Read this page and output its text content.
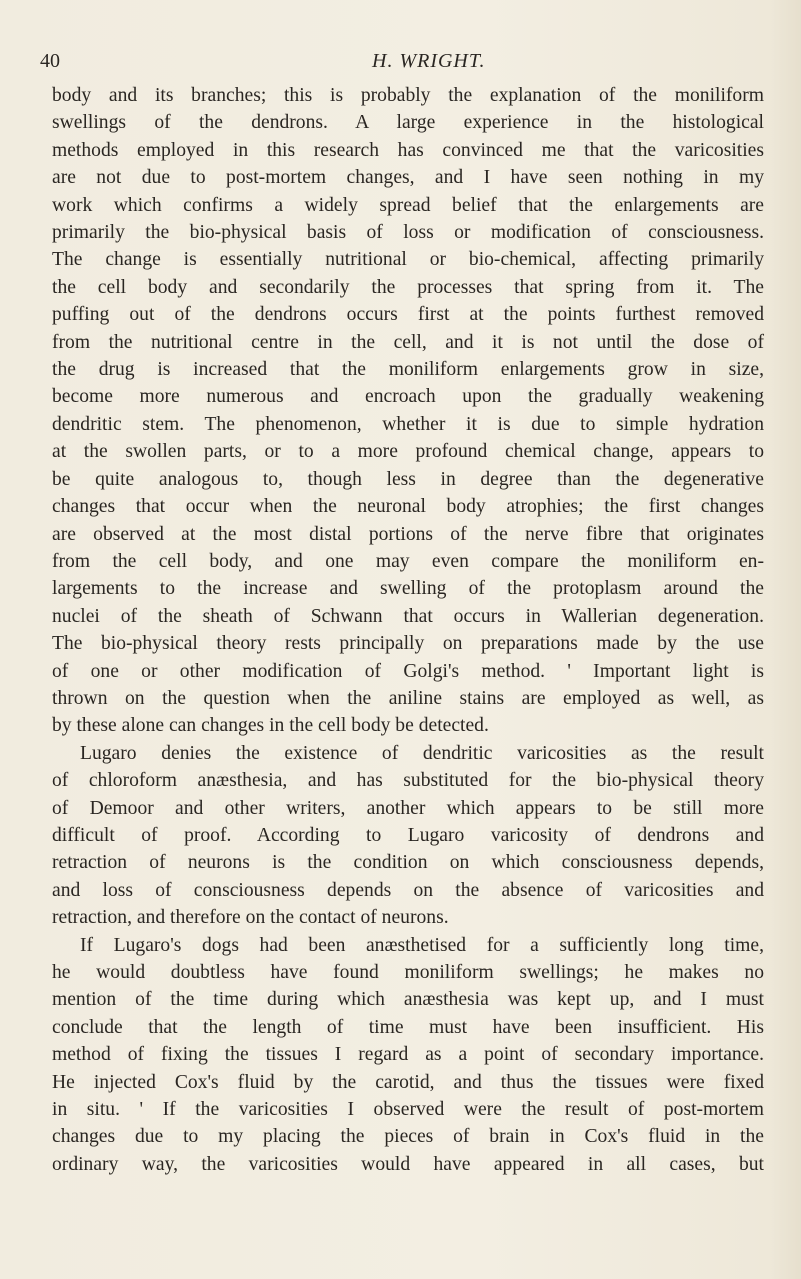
40	H. WRIGHT.
body and its branches; this is probably the explanation of the moniliform
swellings of the dendrons. A large experience in the histological
methods employed in this research has convinced me that the varicosities
are not due to post-mortem changes, and I have seen nothing in my
work which confirms a widely spread belief that the enlargements are
primarily the bio-physical basis of loss or modification of consciousness.
The change is essentially nutritional or bio-chemical, affecting primarily
the cell body and secondarily the processes that spring from it. The
puffing out of the dendrons occurs first at the points furthest removed
from the nutritional centre in the cell, and it is not until the dose of
the drug is increased that the moniliform enlargements grow in size,
become more numerous and encroach upon the gradually weakening
dendritic stem. The phenomenon, whether it is due to simple hydration
at the swollen parts, or to a more profound chemical change, appears to
be quite analogous to, though less in degree than the degenerative
changes that occur when the neuronal body atrophies; the first changes
are observed at the most distal portions of the nerve fibre that originates
from the cell body, and one may even compare the moniliform en-
largements to the increase and swelling of the protoplasm around the
nuclei of the sheath of Schwann that occurs in Wallerian degeneration.
The bio-physical theory rests principally on preparations made by the use
of one or other modification of Golgi's method. ' Important light is
thrown on the question when the aniline stains are employed as well, as
by these alone can changes in the cell body be detected.
Lugaro denies the existence of dendritic varicosities as the result
of chloroform anæsthesia, and has substituted for the bio-physical theory
of Demoor and other writers, another which appears to be still more
difficult of proof. According to Lugaro varicosity of dendrons and
retraction of neurons is the condition on which consciousness depends,
and loss of consciousness depends on the absence of varicosities and
retraction, and therefore on the contact of neurons.
If Lugaro's dogs had been anæsthetised for a sufficiently long time,
he would doubtless have found moniliform swellings; he makes no
mention of the time during which anæsthesia was kept up, and I must
conclude that the length of time must have been insufficient. His
method of fixing the tissues I regard as a point of secondary importance.
He injected Cox's fluid by the carotid, and thus the tissues were fixed
in situ. ' If the varicosities I observed were the result of post-mortem
changes due to my placing the pieces of brain in Cox's fluid in the
ordinary way, the varicosities would have appeared in all cases, but
